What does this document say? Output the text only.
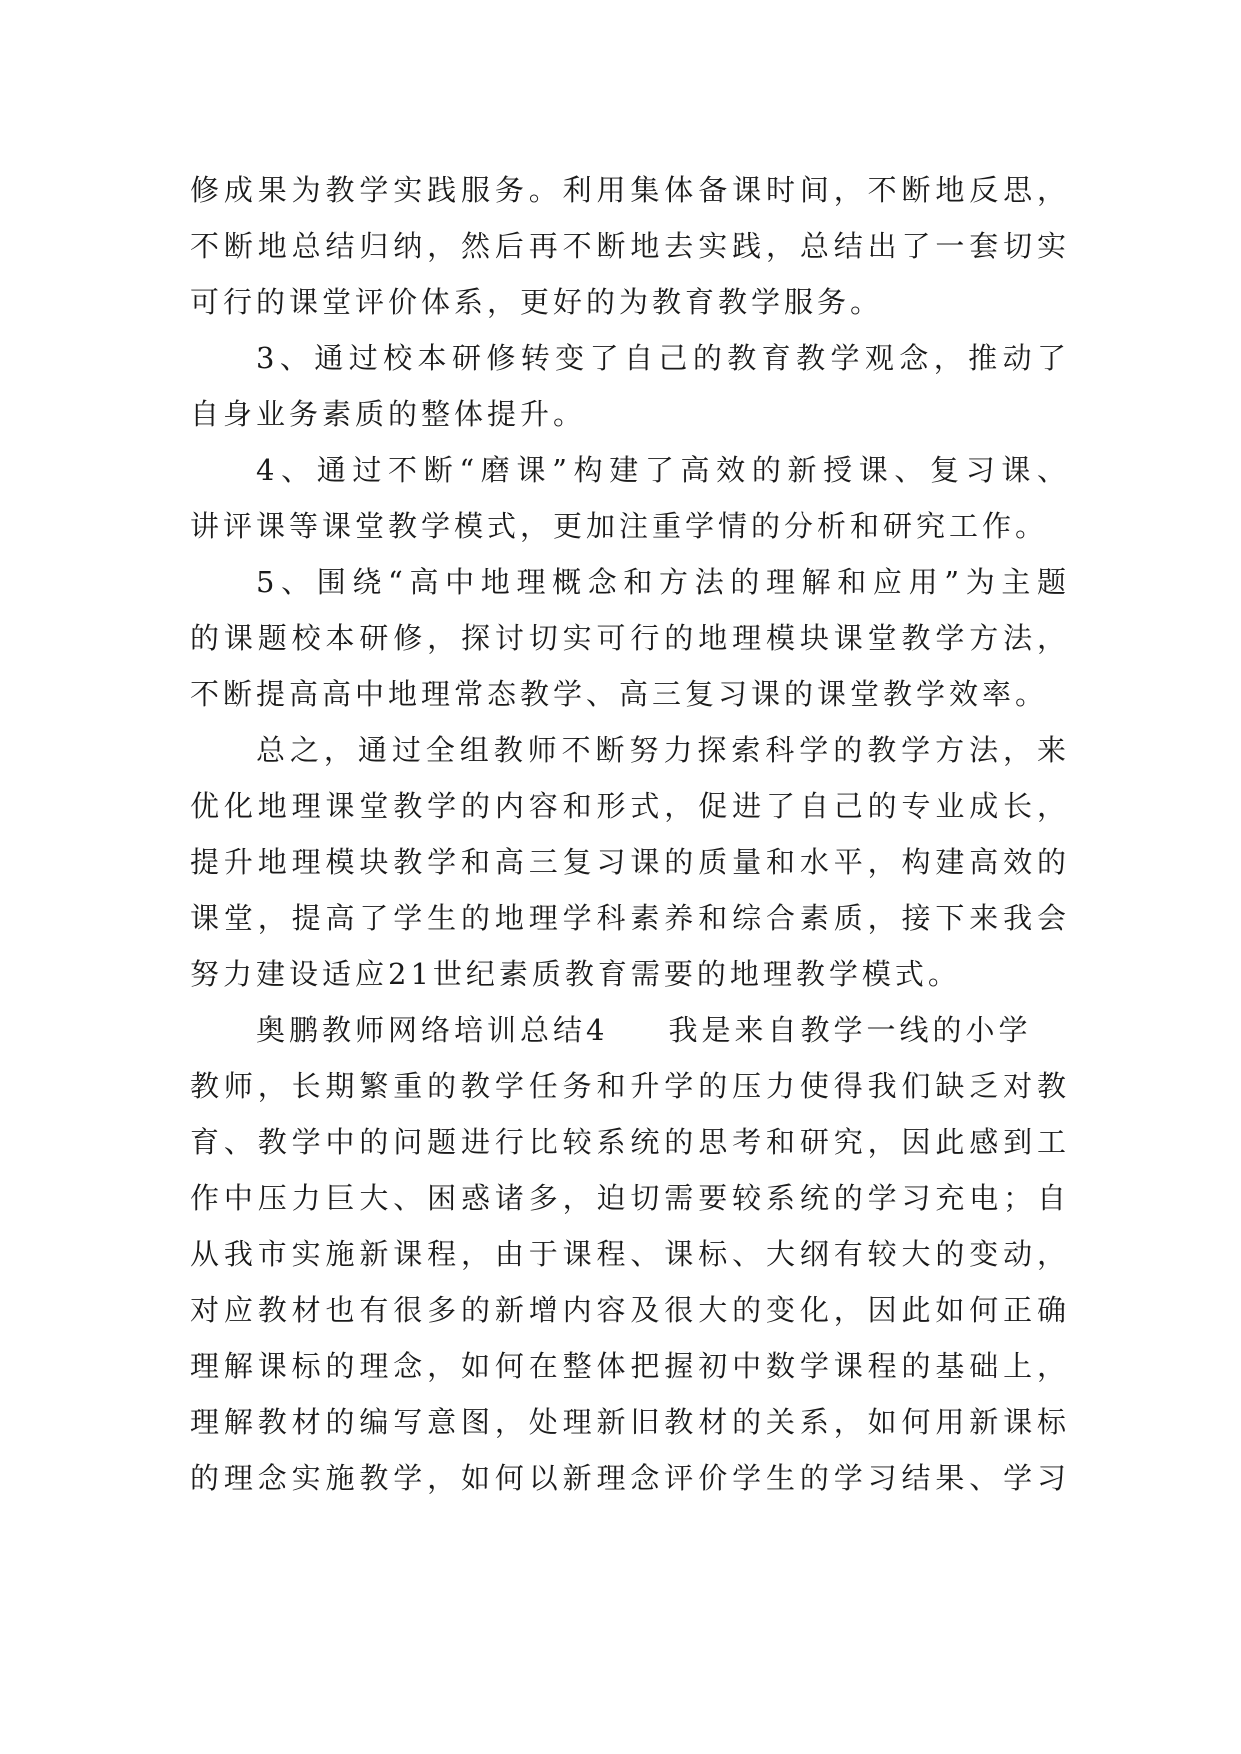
修成果为教学实践服务。利用集体备课时间，不断地反思，
不断地总结归纳，然后再不断地去实践，总结出了一套切实
可行的课堂评价体系，更好的为教育教学服务。
3、通过校本研修转变了自己的教育教学观念，推动了
自身业务素质的整体提升。
4、通过不断“磨课”构建了高效的新授课、复习课、
讲评课等课堂教学模式，更加注重学情的分析和研究工作。
5、围绕“高中地理概念和方法的理解和应用”为主题
的课题校本研修，探讨切实可行的地理模块课堂教学方法，
不断提高高中地理常态教学、高三复习课的课堂教学效率。
总之，通过全组教师不断努力探索科学的教学方法，来
优化地理课堂教学的内容和形式，促进了自己的专业成长，
提升地理模块教学和高三复习课的质量和水平，构建高效的
课堂，提高了学生的地理学科素养和综合素质，接下来我会
努力建设适应21世纪素质教育需要的地理教学模式。
奥鹏教师网络培训总结4 我是来自教学一线的小学
教师，长期繁重的教学任务和升学的压力使得我们缺乏对教
育、教学中的问题进行比较系统的思考和研究，因此感到工
作中压力巨大、困惑诸多，迫切需要较系统的学习充电；自
从我市实施新课程，由于课程、课标、大纲有较大的变动，
对应教材也有很多的新增内容及很大的变化，因此如何正确
理解课标的理念，如何在整体把握初中数学课程的基础上，
理解教材的编写意图，处理新旧教材的关系，如何用新课标
的理念实施教学，如何以新理念评价学生的学习结果、学习
